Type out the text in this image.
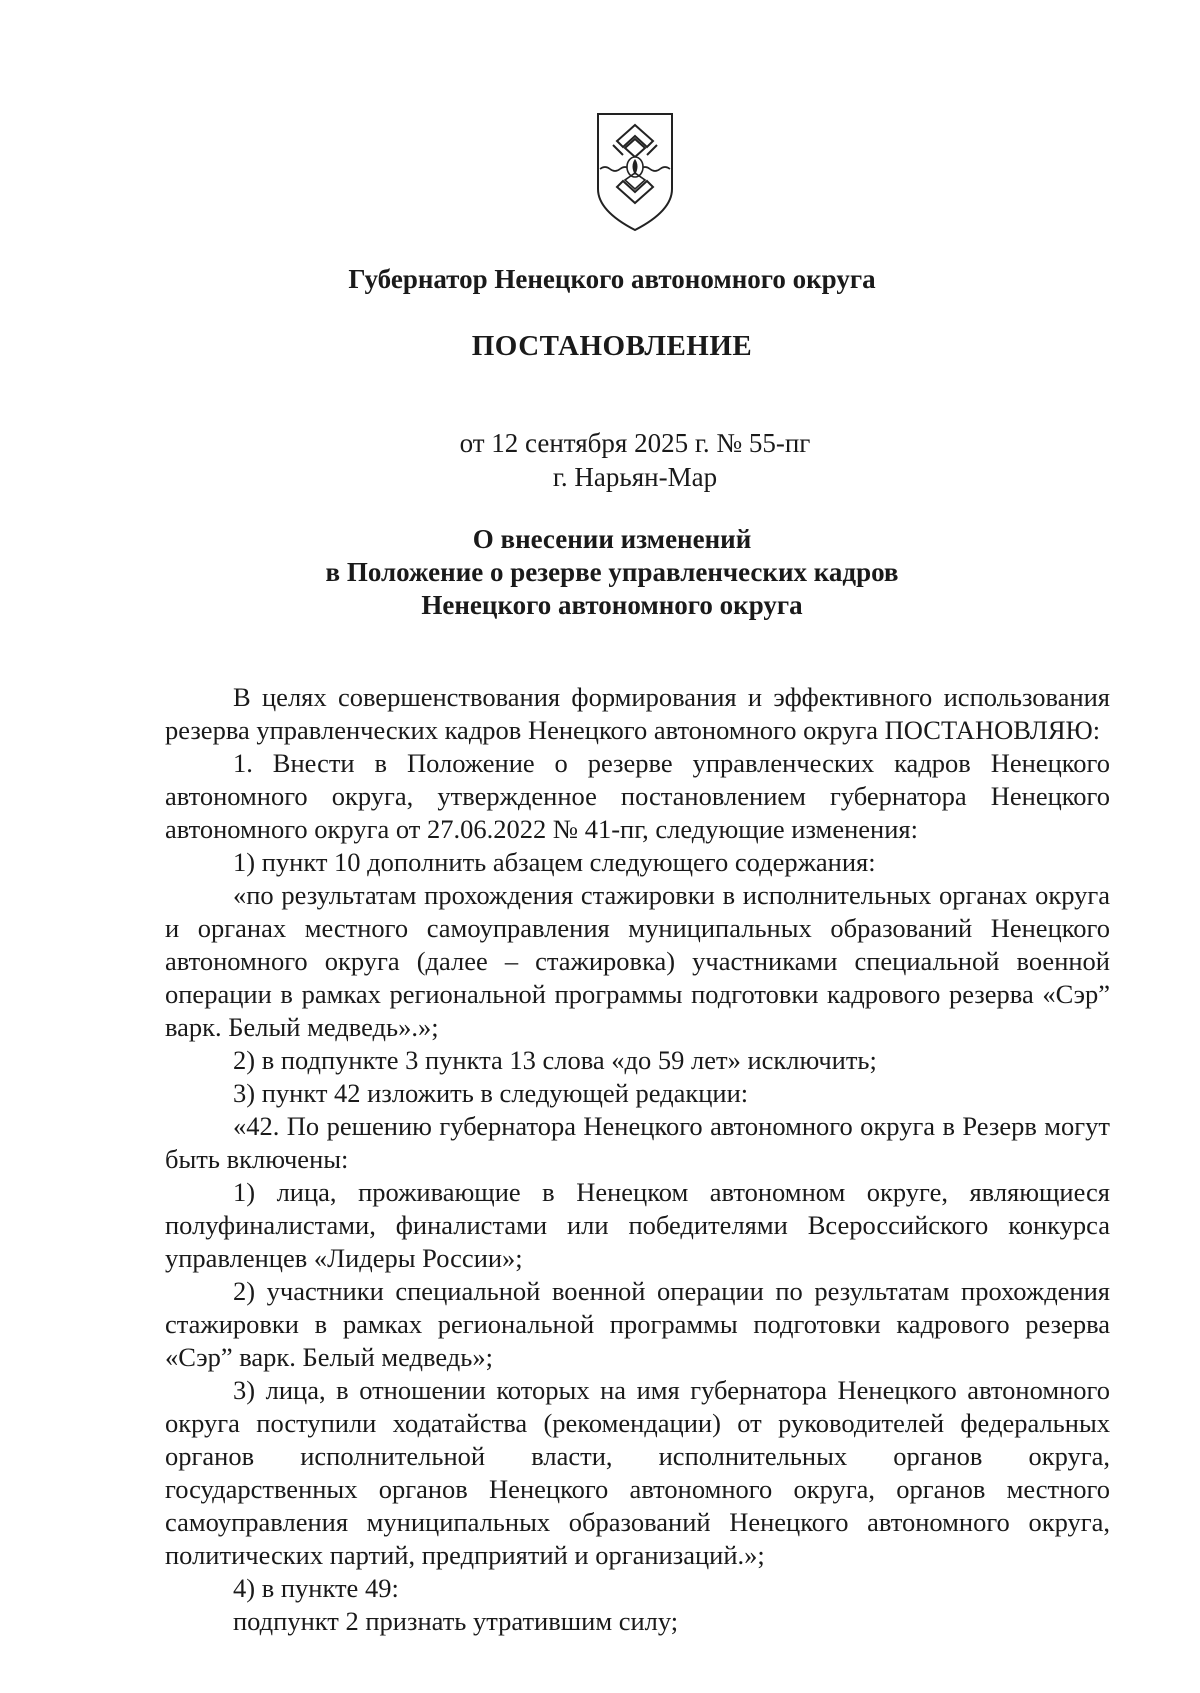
Губернатор Ненецкого автономного округа
ПОСТАНОВЛЕНИЕ
от 12 сентября 2025 г. № 55-пг
г. Нарьян-Мар
О внесении изменений
в Положение о резерве управленческих кадров
Ненецкого автономного округа

В целях совершенствования формирования и эффективного использования резерва управленческих кадров Ненецкого автономного округа ПОСТАНОВЛЯЮ:

1. Внести в Положение о резерве управленческих кадров Ненецкого автономного округа, утвержденное постановлением губернатора Ненецкого автономного округа от 27.06.2022 № 41-пг, следующие изменения:

1) пункт 10 дополнить абзацем следующего содержания:

«по результатам прохождения стажировки в исполнительных органах округа и органах местного самоуправления муниципальных образований Ненецкого автономного округа (далее – стажировка) участниками специальной военной операции в рамках региональной программы подготовки кадрового резерва «Сэр” варк. Белый медведь».»;

2) в подпункте 3 пункта 13 слова «до 59 лет» исключить;

3) пункт 42 изложить в следующей редакции:

«42. По решению губернатора Ненецкого автономного округа в Резерв могут быть включены:

1) лица, проживающие в Ненецком автономном округе, являющиеся полуфиналистами, финалистами или победителями Всероссийского конкурса управленцев «Лидеры России»;

2) участники специальной военной операции по результатам прохождения стажировки в рамках региональной программы подготовки кадрового резерва «Сэр” варк. Белый медведь»;

3) лица, в отношении которых на имя губернатора Ненецкого автономного округа поступили ходатайства (рекомендации) от руководителей федеральных органов исполнительной власти, исполнительных органов округа, государственных органов Ненецкого автономного округа, органов местного самоуправления муниципальных образований Ненецкого автономного округа, политических партий, предприятий и организаций.»;

4) в пункте 49:

подпункт 2 признать утратившим силу;
